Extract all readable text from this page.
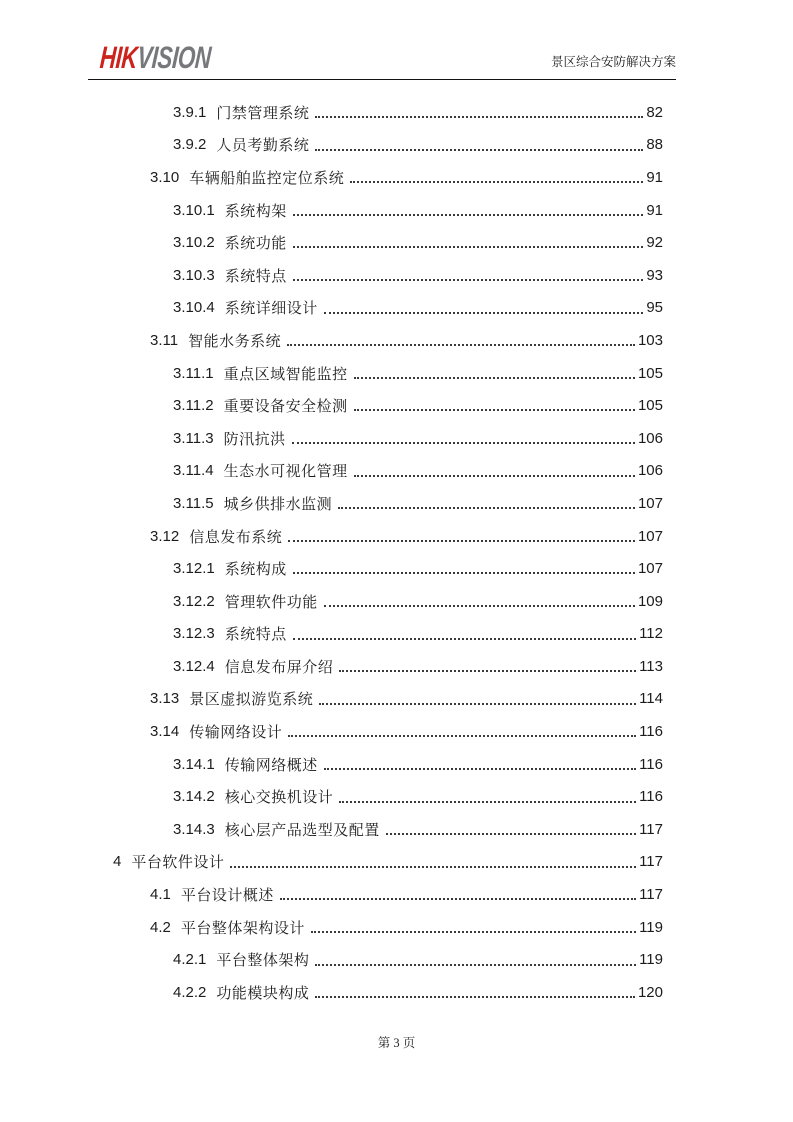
HIKVISION	景区综合安防解决方案
3.9.1 门禁管理系统	82
3.9.2 人员考勤系统	88
3.10 车辆船舶监控定位系统	91
3.10.1 系统构架	91
3.10.2 系统功能	92
3.10.3 系统特点	93
3.10.4 系统详细设计	95
3.11 智能水务系统	103
3.11.1 重点区域智能监控	105
3.11.2 重要设备安全检测	105
3.11.3 防汛抗洪	106
3.11.4 生态水可视化管理	106
3.11.5 城乡供排水监测	107
3.12 信息发布系统	107
3.12.1 系统构成	107
3.12.2 管理软件功能	109
3.12.3 系统特点	112
3.12.4 信息发布屏介绍	113
3.13 景区虚拟游览系统	114
3.14 传输网络设计	116
3.14.1 传输网络概述	116
3.14.2 核心交换机设计	116
3.14.3 核心层产品选型及配置	117
4 平台软件设计	117
4.1 平台设计概述	117
4.2 平台整体架构设计	119
4.2.1 平台整体架构	119
4.2.2 功能模块构成	120
第 3 页
